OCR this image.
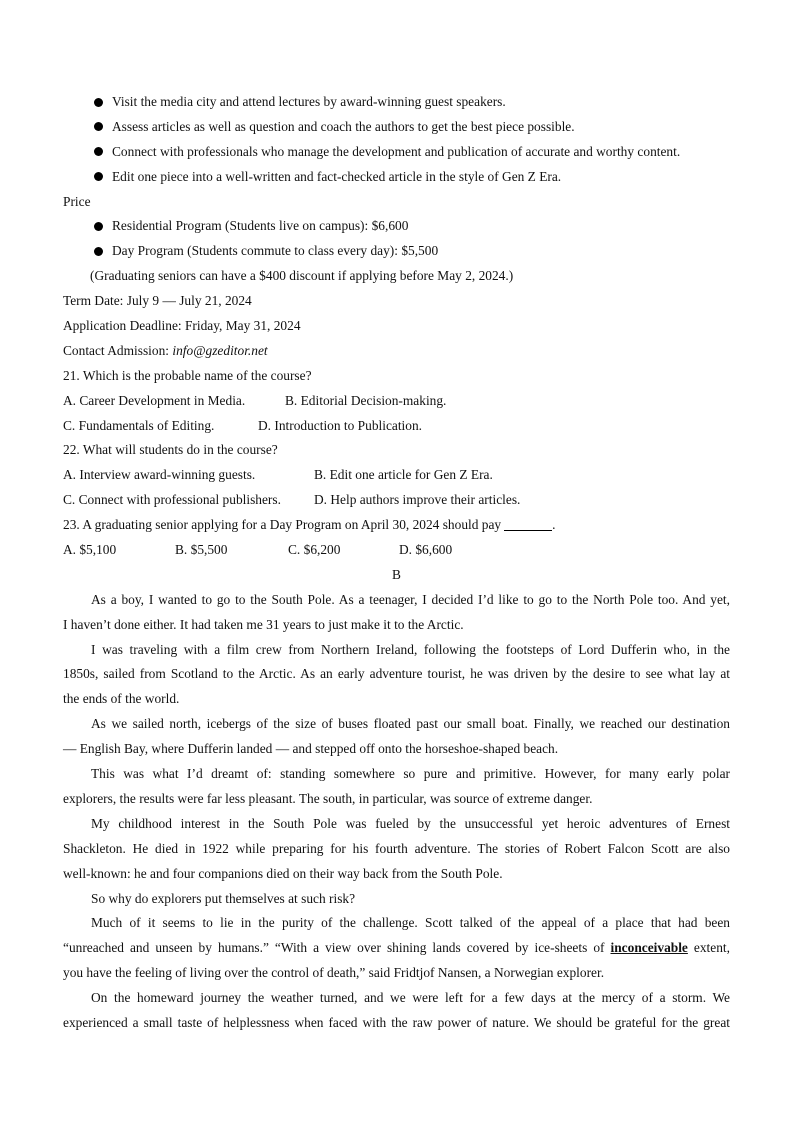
Visit the media city and attend lectures by award-winning guest speakers.
Assess articles as well as question and coach the authors to get the best piece possible.
Connect with professionals who manage the development and publication of accurate and worthy content.
Edit one piece into a well-written and fact-checked article in the style of Gen Z Era.
Price
Residential Program (Students live on campus): $6,600
Day Program (Students commute to class every day): $5,500
(Graduating seniors can have a $400 discount if applying before May 2, 2024.)
Term Date: July 9 — July 21, 2024
Application Deadline: Friday, May 31, 2024
Contact Admission: info@gzeditor.net
21. Which is the probable name of the course?
A. Career Development in Media.	B. Editorial Decision-making.
C. Fundamentals of Editing.	D. Introduction to Publication.
22. What will students do in the course?
A. Interview award-winning guests.	B. Edit one article for Gen Z Era.
C. Connect with professional publishers. D. Help authors improve their articles.
23. A graduating senior applying for a Day Program on April 30, 2024 should pay	.
A. $5,100	B. $5,500	C. $6,200	D. $6,600
B
As a boy, I wanted to go to the South Pole. As a teenager, I decided I’d like to go to the North Pole too. And yet,
I haven’t done either. It had taken me 31 years to just make it to the Arctic.
I was traveling with a film crew from Northern Ireland, following the footsteps of Lord Dufferin who, in the
1850s, sailed from Scotland to the Arctic. As an early adventure tourist, he was driven by the desire to see what lay at
the ends of the world.
As we sailed north, icebergs of the size of buses floated past our small boat. Finally, we reached our destination
— English Bay, where Dufferin landed — and stepped off onto the horseshoe-shaped beach.
This was what I’d dreamt of: standing somewhere so pure and primitive. However, for many early polar
explorers, the results were far less pleasant. The south, in particular, was source of extreme danger.
My childhood interest in the South Pole was fueled by the unsuccessful yet heroic adventures of Ernest
Shackleton. He died in 1922 while preparing for his fourth adventure. The stories of Robert Falcon Scott are also
well-known: he and four companions died on their way back from the South Pole.
So why do explorers put themselves at such risk?
Much of it seems to lie in the purity of the challenge. Scott talked of the appeal of a place that had been
“unreached and unseen by humans.” “With a view over shining lands covered by ice-sheets of inconceivable extent,
you have the feeling of living over the control of death,” said Fridtjof Nansen, a Norwegian explorer.
On the homeward journey the weather turned, and we were left for a few days at the mercy of a storm. We
experienced a small taste of helplessness when faced with the raw power of nature. We should be grateful for the great
